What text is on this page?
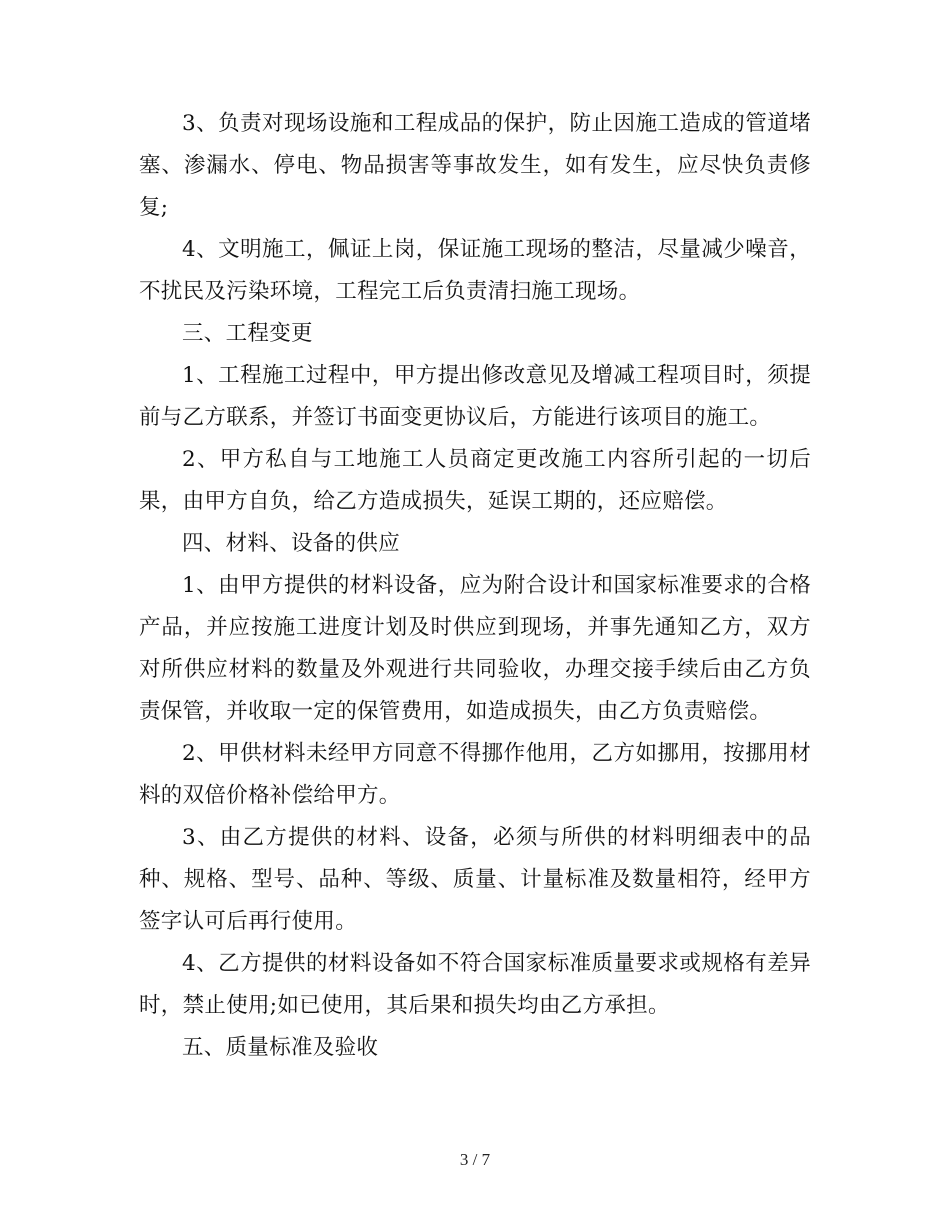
3、负责对现场设施和工程成品的保护，防止因施工造成的管道堵塞、渗漏水、停电、物品损害等事故发生，如有发生，应尽快负责修复;

4、文明施工，佩证上岗，保证施工现场的整洁，尽量减少噪音，不扰民及污染环境，工程完工后负责清扫施工现场。

三、工程变更

1、工程施工过程中，甲方提出修改意见及增减工程项目时，须提前与乙方联系，并签订书面变更协议后，方能进行该项目的施工。

2、甲方私自与工地施工人员商定更改施工内容所引起的一切后果，由甲方自负，给乙方造成损失，延误工期的，还应赔偿。

四、材料、设备的供应

1、由甲方提供的材料设备，应为附合设计和国家标准要求的合格产品，并应按施工进度计划及时供应到现场，并事先通知乙方，双方对所供应材料的数量及外观进行共同验收，办理交接手续后由乙方负责保管，并收取一定的保管费用，如造成损失，由乙方负责赔偿。

2、甲供材料未经甲方同意不得挪作他用，乙方如挪用，按挪用材料的双倍价格补偿给甲方。

3、由乙方提供的材料、设备，必须与所供的材料明细表中的品种、规格、型号、品种、等级、质量、计量标准及数量相符，经甲方签字认可后再行使用。

4、乙方提供的材料设备如不符合国家标准质量要求或规格有差异时，禁止使用;如已使用，其后果和损失均由乙方承担。

五、质量标准及验收

3 / 7
